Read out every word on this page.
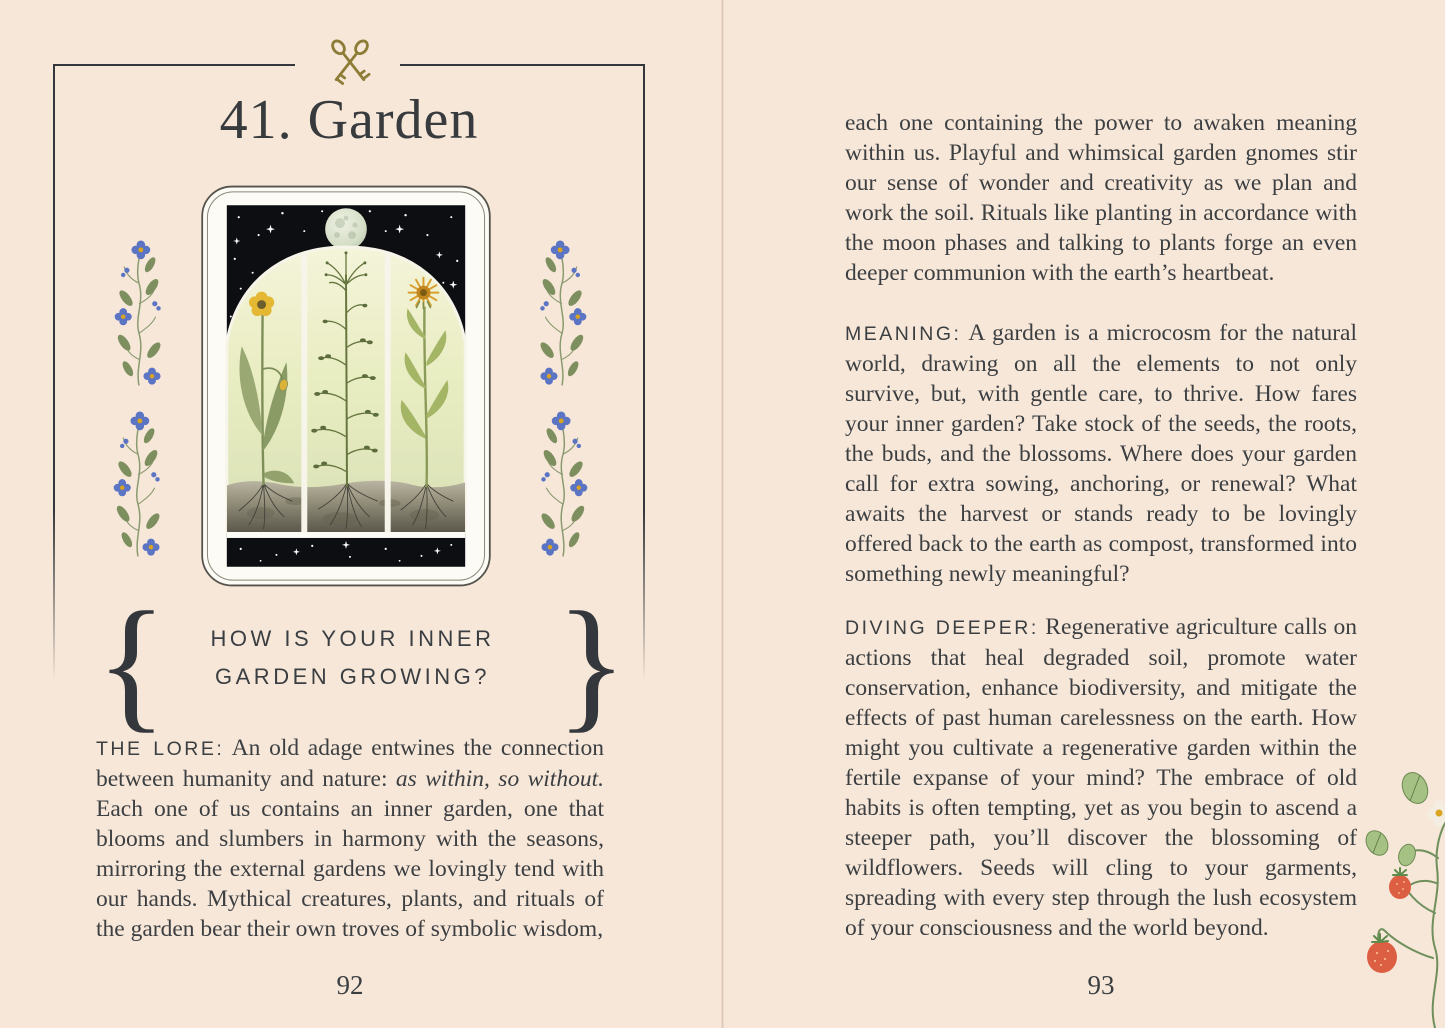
41. Garden
{	}
HOW IS YOUR INNER
GARDEN GROWING?
THE LORE: An old adage entwines the connection between humanity and nature: as within, so without. Each one of us contains an inner garden, one that blooms and slumbers in harmony with the seasons, mirroring the external gardens we lovingly tend with our hands. Mythical creatures, plants, and rituals of the garden bear their own troves of symbolic wisdom,
92
each one containing the power to awaken meaning within us. Playful and whimsical garden gnomes stir our sense of wonder and creativity as we plan and work the soil. Rituals like planting in accordance with the moon phases and talking to plants forge an even deeper communion with the earth’s heartbeat.
MEANING: A garden is a microcosm for the natural world, drawing on all the elements to not only survive, but, with gentle care, to thrive. How fares your inner garden? Take stock of the seeds, the roots, the buds, and the blossoms. Where does your garden call for extra sowing, anchoring, or renewal? What awaits the harvest or stands ready to be lovingly offered back to the earth as compost, transformed into something newly meaningful?
DIVING DEEPER: Regenerative agriculture calls on actions that heal degraded soil, promote water conservation, enhance biodiversity, and mitigate the effects of past human carelessness on the earth. How might you cultivate a regenerative garden within the fertile expanse of your mind? The embrace of old habits is often tempting, yet as you begin to ascend a steeper path, you’ll discover the blossoming of wildflowers. Seeds will cling to your garments, spreading with every step through the lush ecosystem of your consciousness and the world beyond.
93
